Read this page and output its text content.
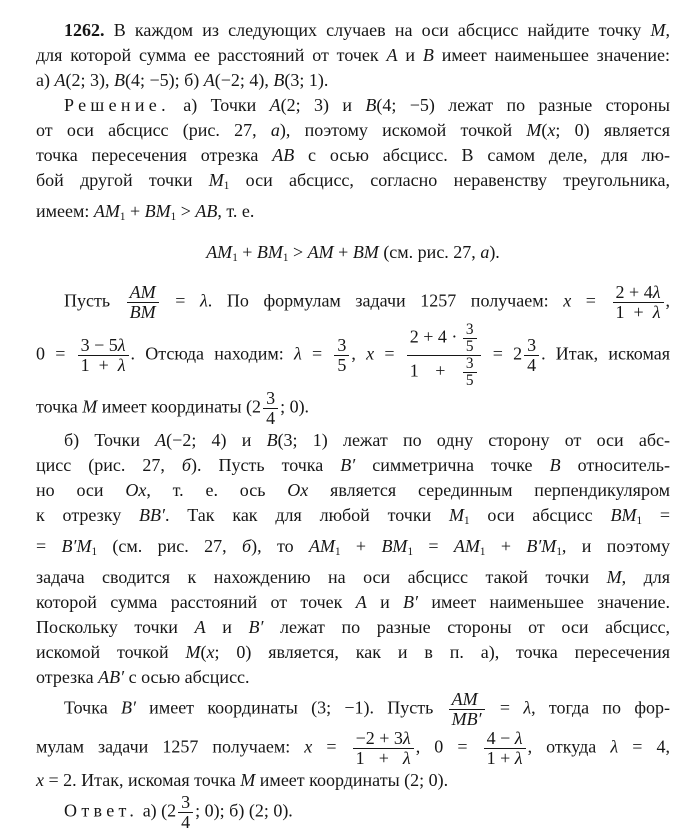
1262. В каждом из следующих случаев на оси абсцисс найдите точку M,
для которой сумма ее расстояний от точек A и B имеет наименьшее значение:
а) A(2; 3), B(4; −5); б) A(−2; 4), B(3; 1).
Решение. а) Точки A(2; 3) и B(4; −5) лежат по разные стороны
от оси абсцисс (рис. 27, а), поэтому искомой точкой M(x; 0) является
точка пересечения отрезка AB с осью абсцисс. В самом деле, для лю-
бой другой точки $M_1$ оси абсцисс, согласно неравенству треугольника,
имеем: $AM_1 + BM_1$ > AB, т. е.
$AM_1 + BM_1$ > AM + BM (см. рис. 27, а).
Пусть $\frac{AM}{BM} = \lambda$. По формулам задачи 1257 получаем: $x = \frac{2 + 4\lambda}{1 + \lambda}$ ,
$0 = \frac{3 - 5\lambda}{1 + \lambda}$ . Отсюда находим: $\lambda = \frac{3}{5}$ , $x = \frac{2 + 4 \cdot \frac{3}{5}}{1 + \frac{3}{5}} = 2 \frac{3}{4}$ . Итак, искомая
точка M имеет координаты ($2 \frac{3}{4}$ ; 0).
б) Точки A(−2; 4) и B(3; 1) лежат по одну сторону от оси абс-
цисс (рис. 27, б). Пусть точка B′ симметрична точке B относитель-
но оси Ox, т. е. ось Ox является серединным перпендикуляром
к отрезку BB′. Так как для любой точки $M_1$ оси абсцисс $BM_1$ =
= $B'M_1$ (см. рис. 27, б), то $AM_1 + BM_1 = AM_1 + B'M_1$, и поэтому
задача сводится к нахождению на оси абсцисс такой точки M, для
которой сумма расстояний от точек A и B′ имеет наименьшее значение.
Поскольку точки A и B′ лежат по разные стороны от оси абсцисс,
искомой точкой M(x; 0) является, как и в п. а), точка пересечения
отрезка AB′ с осью абсцисс.
Точка B′ имеет координаты (3; −1). Пусть $\frac{AM}{MB'} = \lambda$, тогда по фор-
мулам задачи 1257 получаем: $x = \frac{-2 + 3\lambda}{1 + \lambda}$ , $0 = \frac{4 - \lambda}{1 + \lambda}$ , откуда λ = 4,
x = 2. Итак, искомая точка M имеет координаты (2; 0).
Ответ. а) ($2 \frac{3}{4}$ ; 0); б) (2; 0).
